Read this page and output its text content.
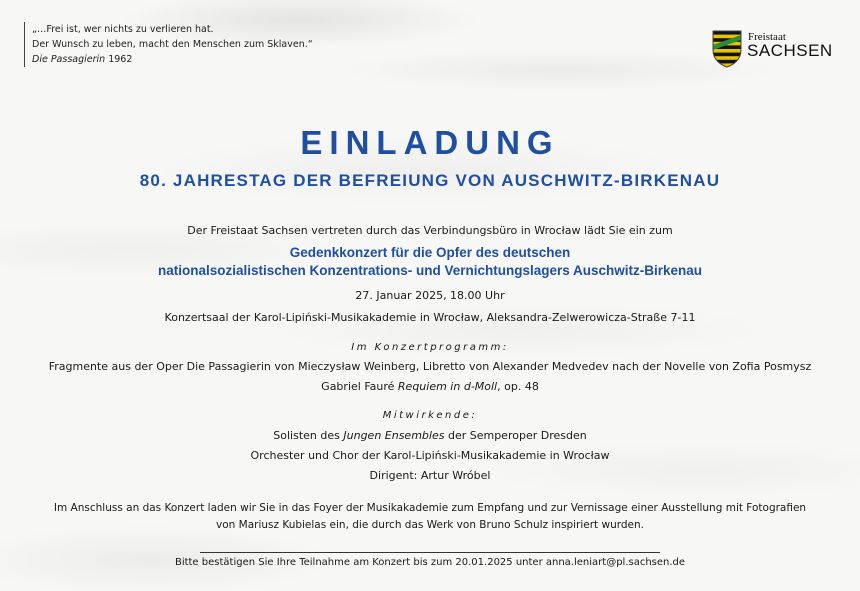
„…Frei ist, wer nichts zu verlieren hat.
Der Wunsch zu leben, macht den Menschen zum Sklaven.“
Die Passagierin 1962
Freistaat
SACHSEN
EINLADUNG
80. JAHRESTAG DER BEFREIUNG VON AUSCHWITZ-BIRKENAU
Der Freistaat Sachsen vertreten durch das Verbindungsbüro in Wrocław lädt Sie ein zum
Gedenkkonzert für die Opfer des deutschen
nationalsozialistischen Konzentrations- und Vernichtungslagers Auschwitz-Birkenau
27. Januar 2025, 18.00 Uhr
Konzertsaal der Karol-Lipiński-Musikakademie in Wrocław, Aleksandra-Zelwerowicza-Straße 7-11
Im Konzertprogramm:
Fragmente aus der Oper Die Passagierin von Mieczysław Weinberg, Libretto von Alexander Medvedev nach der Novelle von Zofia Posmysz
Gabriel Fauré Requiem in d-Moll, op. 48
Mitwirkende:
Solisten des Jungen Ensembles der Semperoper Dresden
Orchester und Chor der Karol-Lipiński-Musikakademie in Wrocław
Dirigent: Artur Wróbel
Im Anschluss an das Konzert laden wir Sie in das Foyer der Musikakademie zum Empfang und zur Vernissage einer Ausstellung mit Fotografien
von Mariusz Kubielas ein, die durch das Werk von Bruno Schulz inspiriert wurden.
Bitte bestätigen Sie Ihre Teilnahme am Konzert bis zum 20.01.2025 unter anna.leniart@pl.sachsen.de
